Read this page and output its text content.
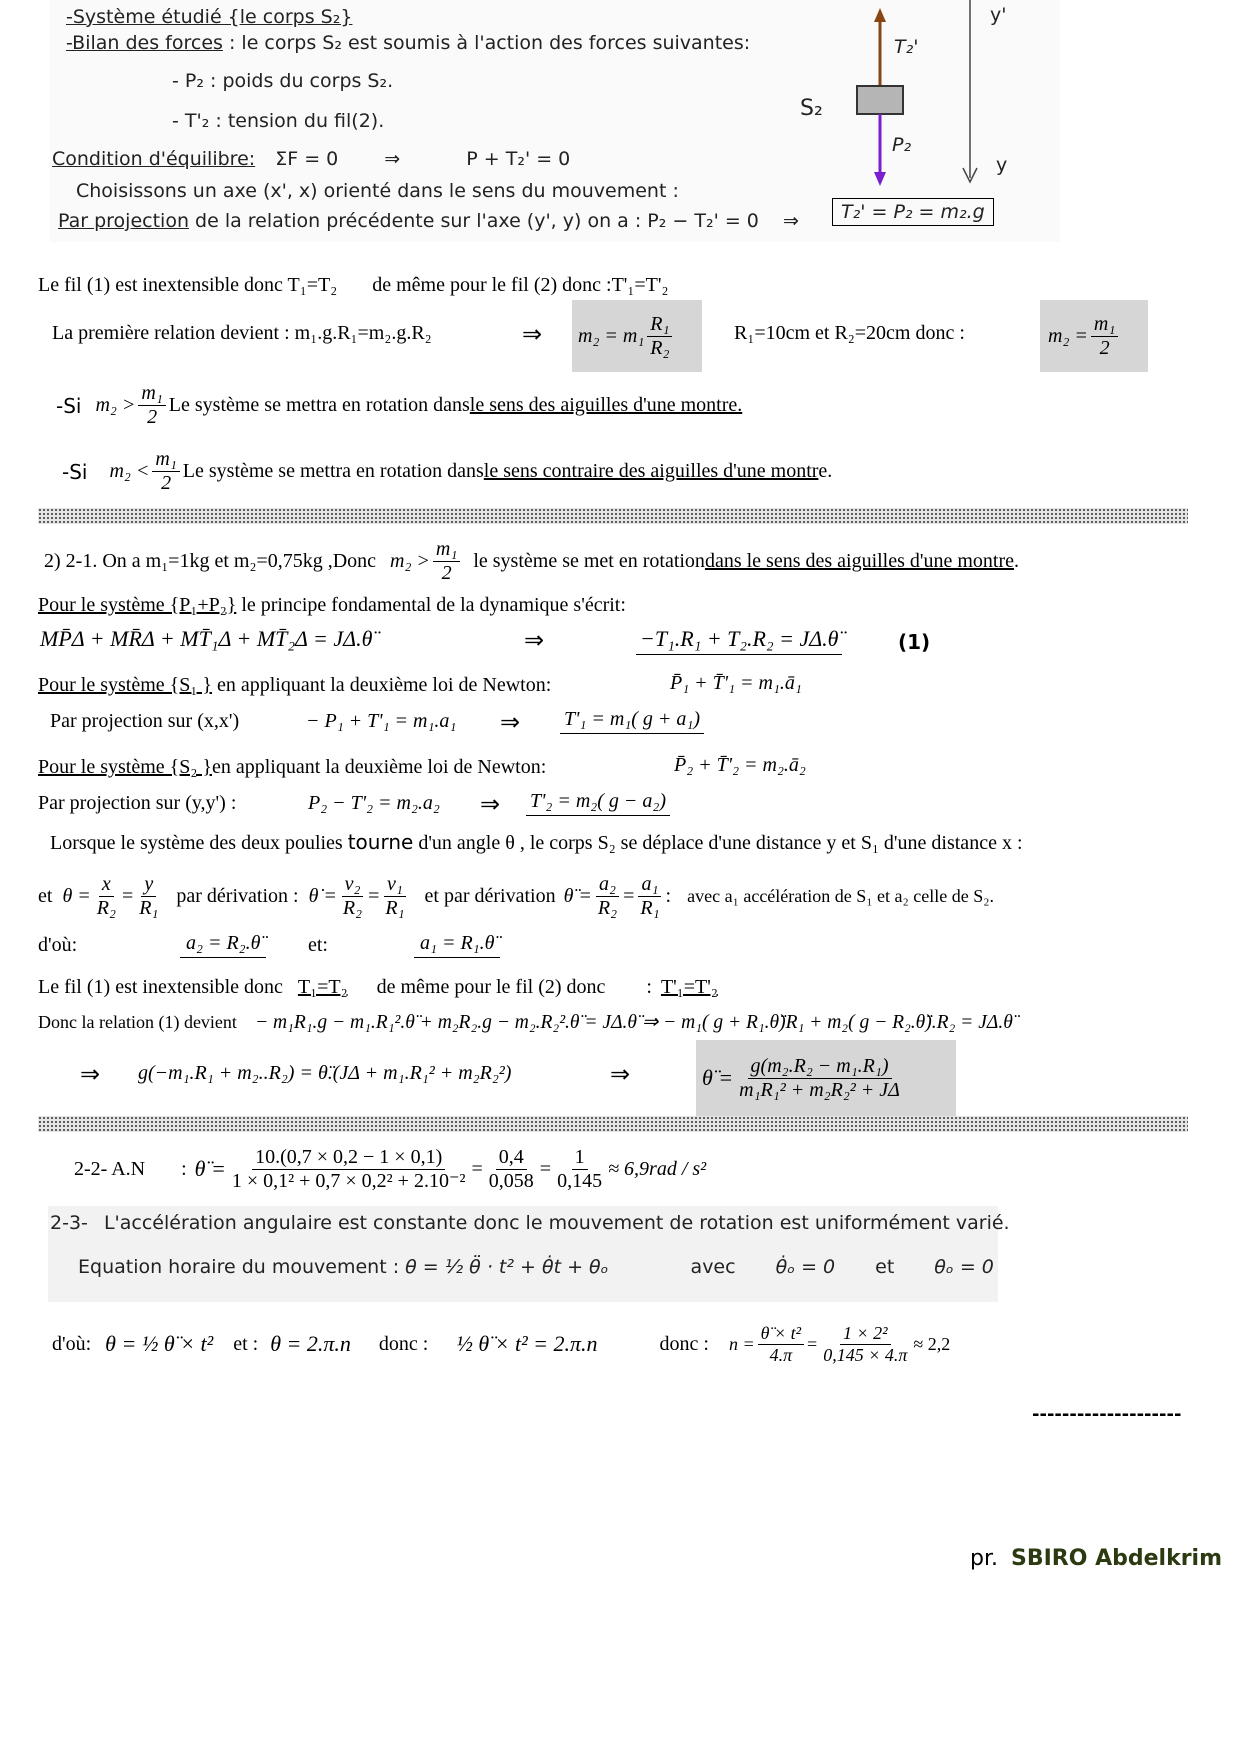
-Système étudié {le corps S₂}
-Bilan des forces : le corps S₂ est soumis à l'action des forces suivantes:
- P₂ : poids du corps S₂.
- T'₂ : tension du fil(2).
Condition d'équilibre: ΣF = 0 ⇒	P + T₂' = 0
Choisissons un axe (x', x) orienté dans le sens du mouvement :
Par projection de la relation précédente sur l'axe (y', y) on a : P₂ − T₂' = 0 ⇒	T₂' = P₂ = m₂.g
T₂'
S₂
P₂
y'
y
Le fil (1) est inextensible donc T₁=T₂ de même pour le fil (2) donc :T'₁=T'₂
La première relation devient : m₁.g.R₁=m₂.g.R₂	⇒ $m_2 = m_1 \frac{\text{R₁}}{\text{R₂}}$	R₁=10cm et R₂=20cm donc :	$m_2 = \frac{\text{m₁}}{2}$
-Si $m_2 > \frac{\text{m₁}}{2}$ Le système se mettra en rotation dans le sens des aiguilles d'une montre.
-Si $m_2 < \frac{\text{m₁}}{2}$ Le système se mettra en rotation dans le sens contraire des aiguilles d'une montr e.
2) 2-1. On a m₁=1kg et m₂=0,75kg ,Donc $m_2 > \frac{\text{m₁}}{2}$ le système se met en rotation dans le sens des aiguilles d'une montre .
Pour le système {P₁+P₂} le principe fondamental de la dynamique s'écrit:
MP̄Δ + MR̄Δ + MT̄₁Δ + MT̄₂Δ = JΔ.θ̈	⇒	−T₁.R₁ + T₂.R₂ = JΔ.θ̈	(1)
Pour le système {S₁ } en appliquant la deuxième loi de Newton:	P̄₁ + T̄'₁ = m₁.ā₁
Par projection sur (x,x')	− P₁ + T'₁ = m₁.a₁ ⇒ T'₁ = m₁( g + a₁)
Pour le système {S₂ }en appliquant la deuxième loi de Newton:	P̄₂ + T̄'₂ = m₂.ā₂
Par projection sur (y,y') :	P₂ − T'₂ = m₂.a₂ ⇒ T'₂ = m₂( g − a₂)
Lorsque le système des deux poulies tourne d'un angle θ , le corps S₂ se déplace d'une distance y et S₁ d'une distance x :
et $\theta = \frac{x}{\text{R₂}} = \frac{y}{\text{R₁}}$ par dérivation : θ̇ = $\frac{\text{v₂}}{\text{R₂}} = \frac{\text{v₁}}{\text{R₁}}$ et par dérivation θ̈ = $\frac{\text{a₂}}{\text{R₂}} = \frac{\text{a₁}}{\text{R₁}}$ : avec a₁ accélération de S₁ et a₂ celle de S₂.
d'où:	a₂ = R₂.θ̈	et:	a₁ = R₁.θ̈
Le fil (1) est inextensible donc T₁=T₂ de même pour le fil (2) donc : T'₁=T'₂
Donc la relation (1) devient − m₁R₁.g − m₁.R₁².θ̈ + m₂R₂.g − m₂.R₂².θ̈ = JΔ.θ̈ ⇒ − m₁( g + R₁.θ̈)R₁ + m₂( g − R₂.θ̈).R₂ = JΔ.θ̈
⇒ g(−m₁.R₁ + m₂..R₂) = θ̈.(JΔ + m₁.R₁² + m₂R₂²)	⇒	θ̈ = $\frac{\text{g(m₂.R₂ − m₁.R₁)}}{\text{m₁R₁² + m₂R₂² + JΔ}}$
2-2- A.N : θ̈ = $\frac{10.(0,7 \times 0,2 - 1 \times 0,1)}{\text{1 × 0,1² + 0,7 × 0,2² + 2.10⁻²}} = \frac{0,4}{0,058} = \frac{1}{0,145} \approx 6,9rad / s^2$
2-3- L'accélération angulaire est constante donc le mouvement de rotation est uniformément varié.
Equation horaire du mouvement : θ = ½ θ̈ · t² + θ̇t + θₒ	avec θ̇ₒ = 0 et θₒ = 0
d'où: θ = ½ θ̈ × t² et : θ = 2.π.n donc : ½ θ̈ × t² = 2.π.n	donc : $n = \frac{\text{θ̈ × t²}}{4.\pi} = \frac{\text{1 × 2²}}{0,145 \times 4.\pi} \approx 2,2$
--------------------
pr. SBIRO Abdelkrim
